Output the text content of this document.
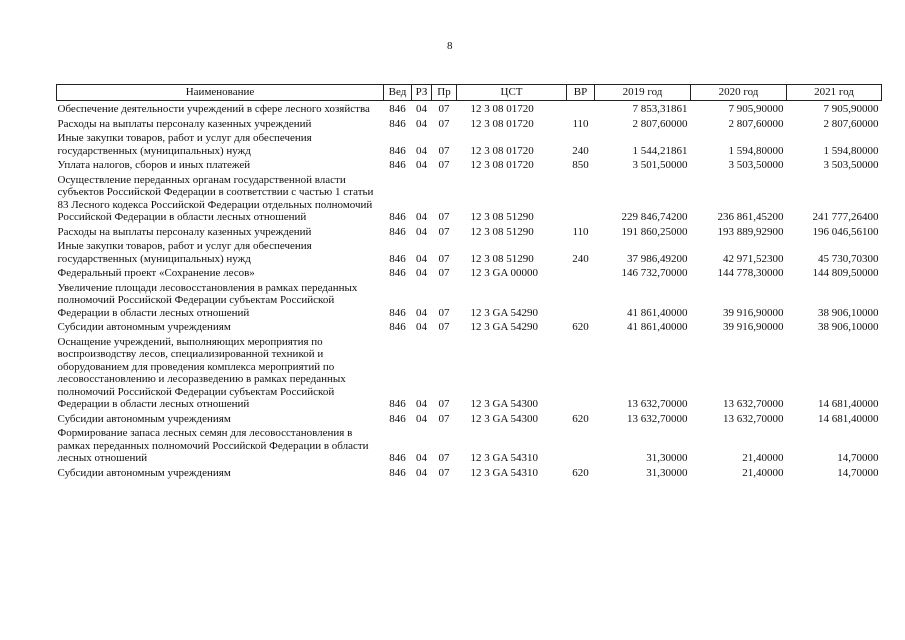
8
Наименование	Вед	РЗ	Пр	ЦСТ	ВР	2019 год	2020 год	2021 год
Обеспечение деятельности учреждений в сфере лесного хозяйства	846	04	07	12 3 08 01720		7 853,31861	7 905,90000	7 905,90000
Расходы на выплаты персоналу казенных учреждений	846	04	07	12 3 08 01720	110	2 807,60000	2 807,60000	2 807,60000
Иные закупки товаров, работ и услуг для обеспечения государственных (муниципальных) нужд	846	04	07	12 3 08 01720	240	1 544,21861	1 594,80000	1 594,80000
Уплата налогов, сборов и иных платежей	846	04	07	12 3 08 01720	850	3 501,50000	3 503,50000	3 503,50000
Осуществление переданных органам государственной власти субъектов Российской Федерации в соответствии с частью 1 статьи 83 Лесного кодекса Российской Федерации отдельных полномочий Российской Федерации в области лесных отношений	846	04	07	12 3 08 51290		229 846,74200	236 861,45200	241 777,26400
Расходы на выплаты персоналу казенных учреждений	846	04	07	12 3 08 51290	110	191 860,25000	193 889,92900	196 046,56100
Иные закупки товаров, работ и услуг для обеспечения государственных (муниципальных) нужд	846	04	07	12 3 08 51290	240	37 986,49200	42 971,52300	45 730,70300
Федеральный проект «Сохранение лесов»	846	04	07	12 3 GA 00000		146 732,70000	144 778,30000	144 809,50000
Увеличение площади лесовосстановления в рамках переданных полномочий Российской Федерации субъектам Российской Федерации в области лесных отношений	846	04	07	12 3 GA 54290		41 861,40000	39 916,90000	38 906,10000
Субсидии автономным учреждениям	846	04	07	12 3 GA 54290	620	41 861,40000	39 916,90000	38 906,10000
Оснащение учреждений, выполняющих мероприятия по воспроизводству лесов, специализированной техникой и оборудованием для проведения комплекса мероприятий по лесовосстановлению и лесоразведению в рамках переданных полномочий Российской Федерации субъектам Российской Федерации в области лесных отношений	846	04	07	12 3 GA 54300		13 632,70000	13 632,70000	14 681,40000
Субсидии автономным учреждениям	846	04	07	12 3 GA 54300	620	13 632,70000	13 632,70000	14 681,40000
Формирование запаса лесных семян для лесовосстановления в рамках переданных полномочий Российской Федерации в области лесных отношений	846	04	07	12 3 GA 54310		31,30000	21,40000	14,70000
Субсидии автономным учреждениям	846	04	07	12 3 GA 54310	620	31,30000	21,40000	14,70000
